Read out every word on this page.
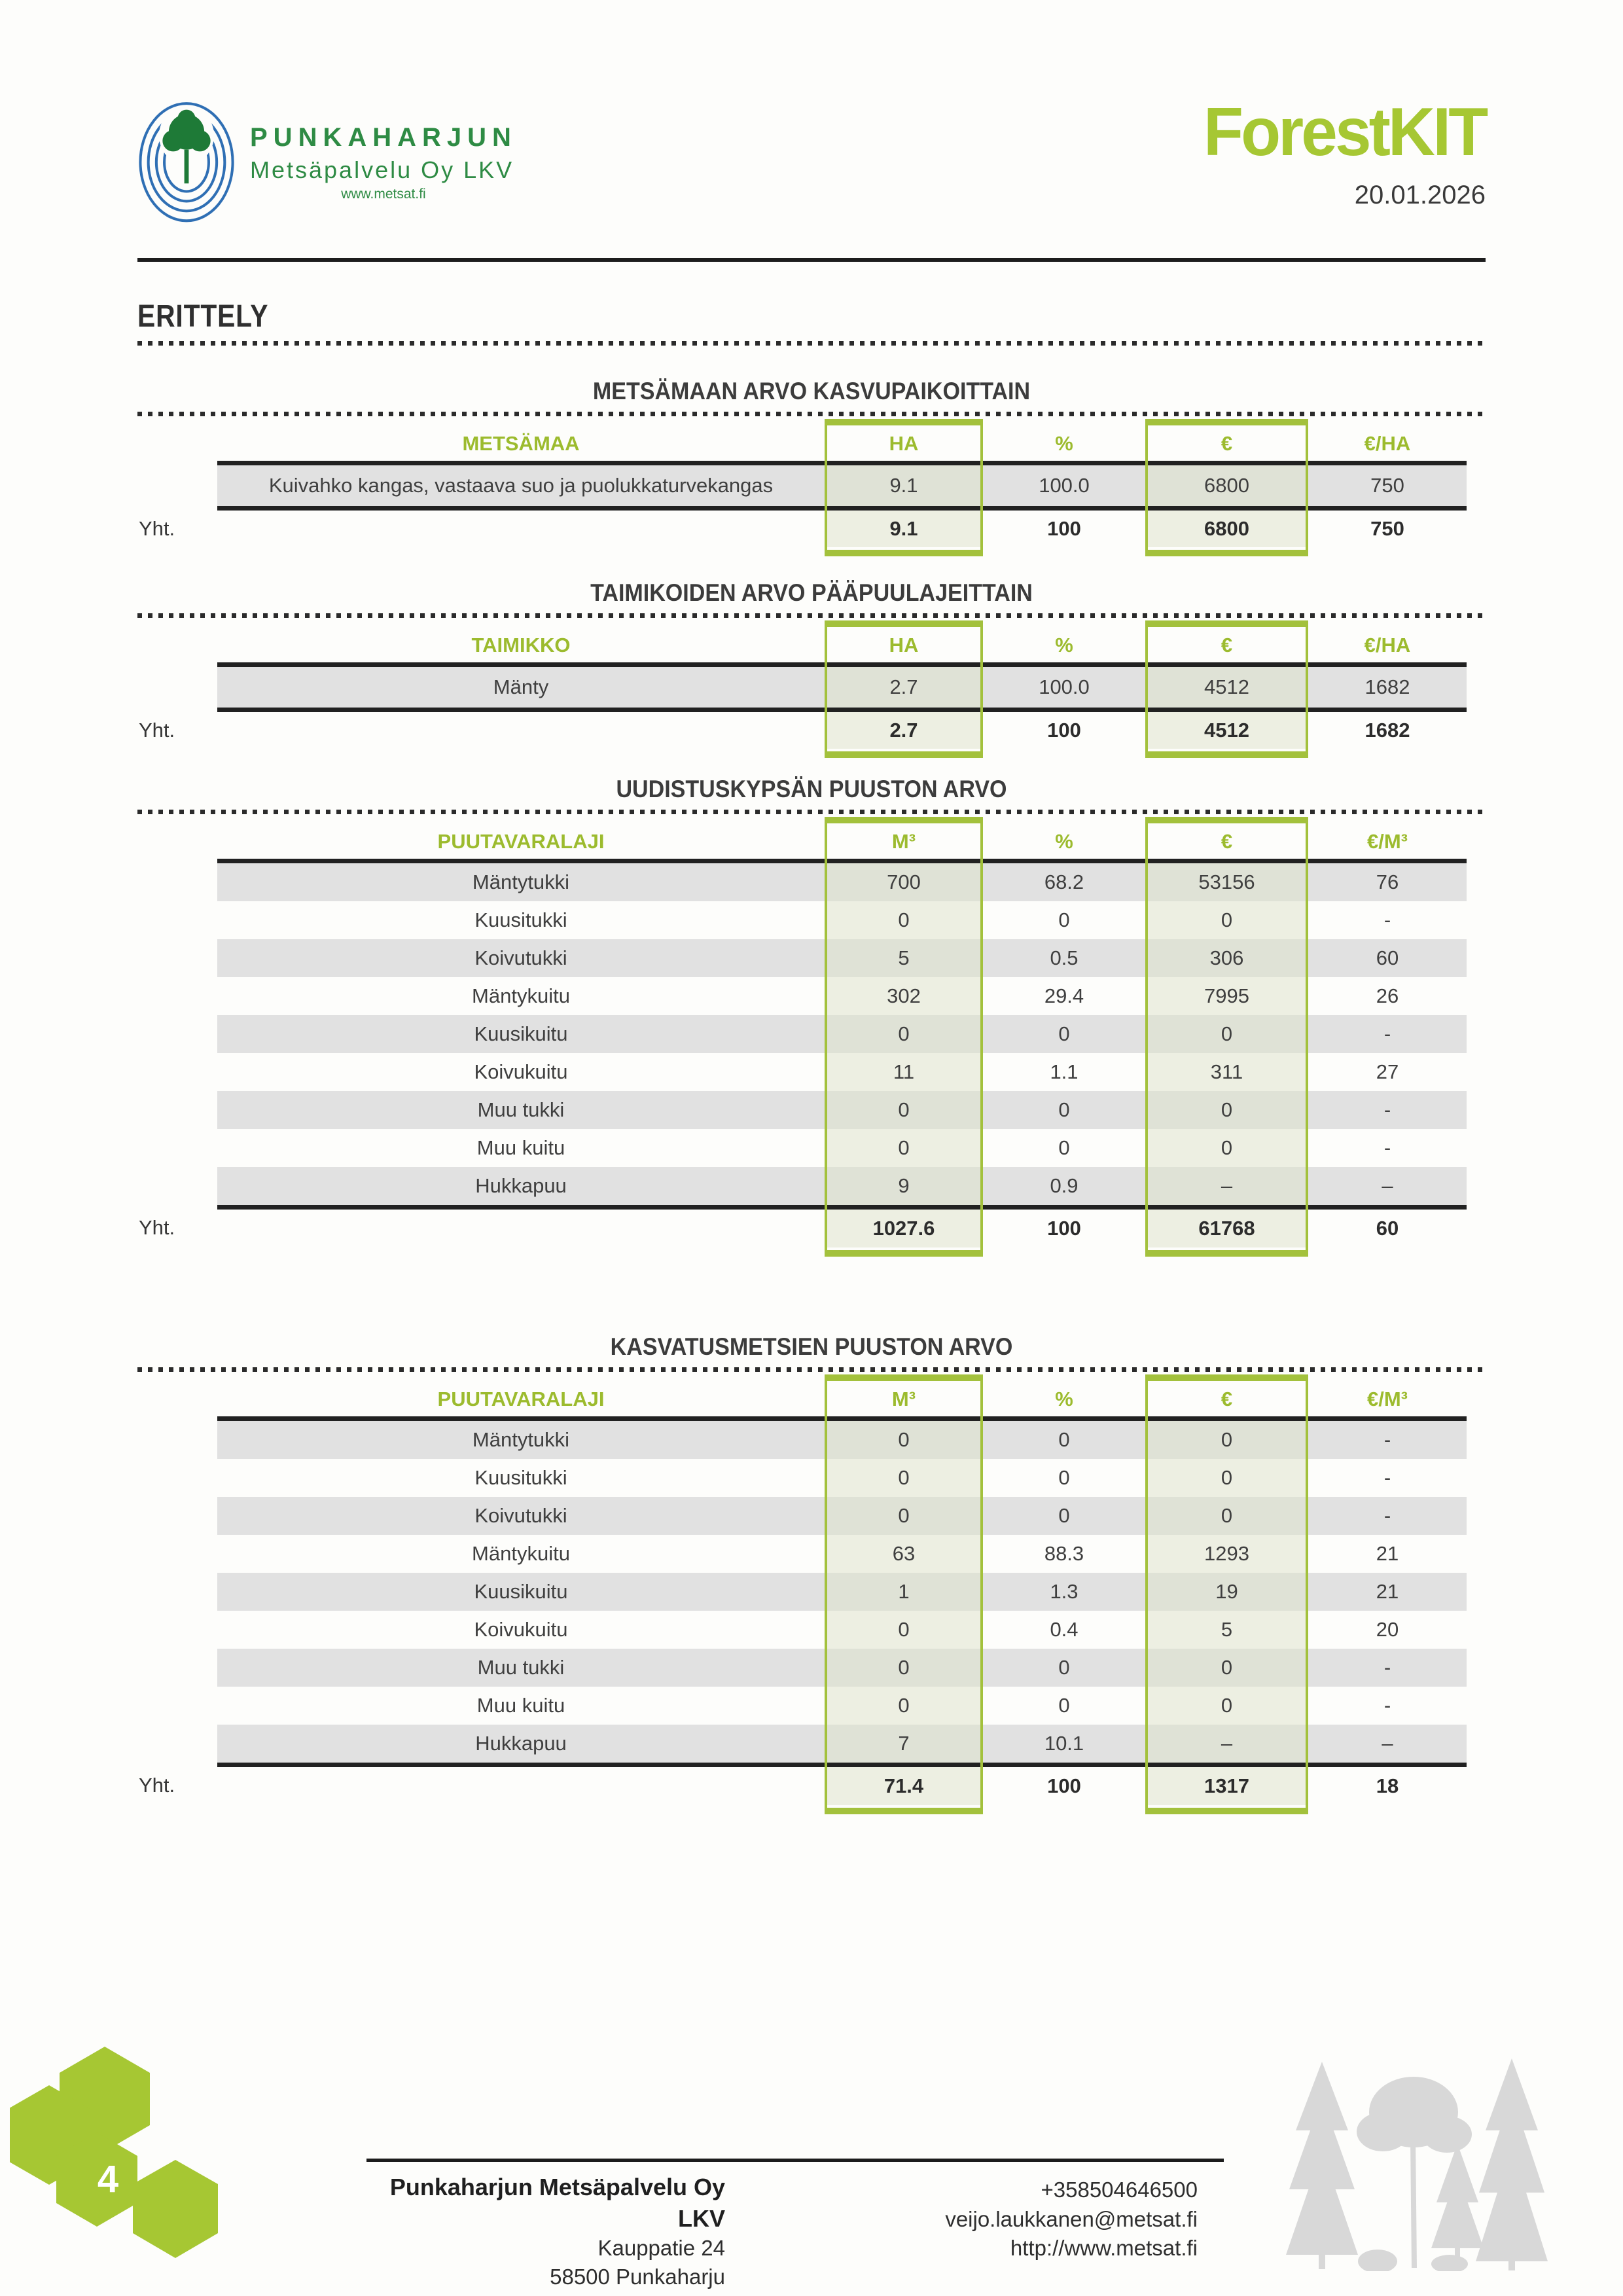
PUNKAHARJUN
Metsäpalvelu Oy LKV
www.metsat.fi
ForestKIT
20.01.2026
ERITTELY
METSÄMAAN ARVO KASVUPAIKOITTAIN
METSÄMAA	HA	%	€	€/HA
Kuivahko kangas, vastaava suo ja puolukkaturvekangas	9.1	100.0	6800	750
Yht.	9.1	100	6800	750
TAIMIKOIDEN ARVO PÄÄPUULAJEITTAIN
TAIMIKKO	HA	%	€	€/HA
Mänty	2.7	100.0	4512	1682
Yht.	2.7	100	4512	1682
UUDISTUSKYPSÄN PUUSTON ARVO
PUUTAVARALAJI	M³	%	€	€/M³
Mäntytukki	700	68.2	53156	76
Kuusitukki	0	0	0	-
Koivutukki	5	0.5	306	60
Mäntykuitu	302	29.4	7995	26
Kuusikuitu	0	0	0	-
Koivukuitu	11	1.1	311	27
Muu tukki	0	0	0	-
Muu kuitu	0	0	0	-
Hukkapuu	9	0.9	–	–
Yht.	1027.6	100	61768	60
KASVATUSMETSIEN PUUSTON ARVO
PUUTAVARALAJI	M³	%	€	€/M³
Mäntytukki	0	0	0	-
Kuusitukki	0	0	0	-
Koivutukki	0	0	0	-
Mäntykuitu	63	88.3	1293	21
Kuusikuitu	1	1.3	19	21
Koivukuitu	0	0.4	5	20
Muu tukki	0	0	0	-
Muu kuitu	0	0	0	-
Hukkapuu	7	10.1	–	–
Yht.	71.4	100	1317	18
4	Punkaharjun Metsäpalvelu Oy LKV
Kauppatie 24
58500 Punkaharju
+358504646500
veijo.laukkanen@metsat.fi
http://www.metsat.fi
